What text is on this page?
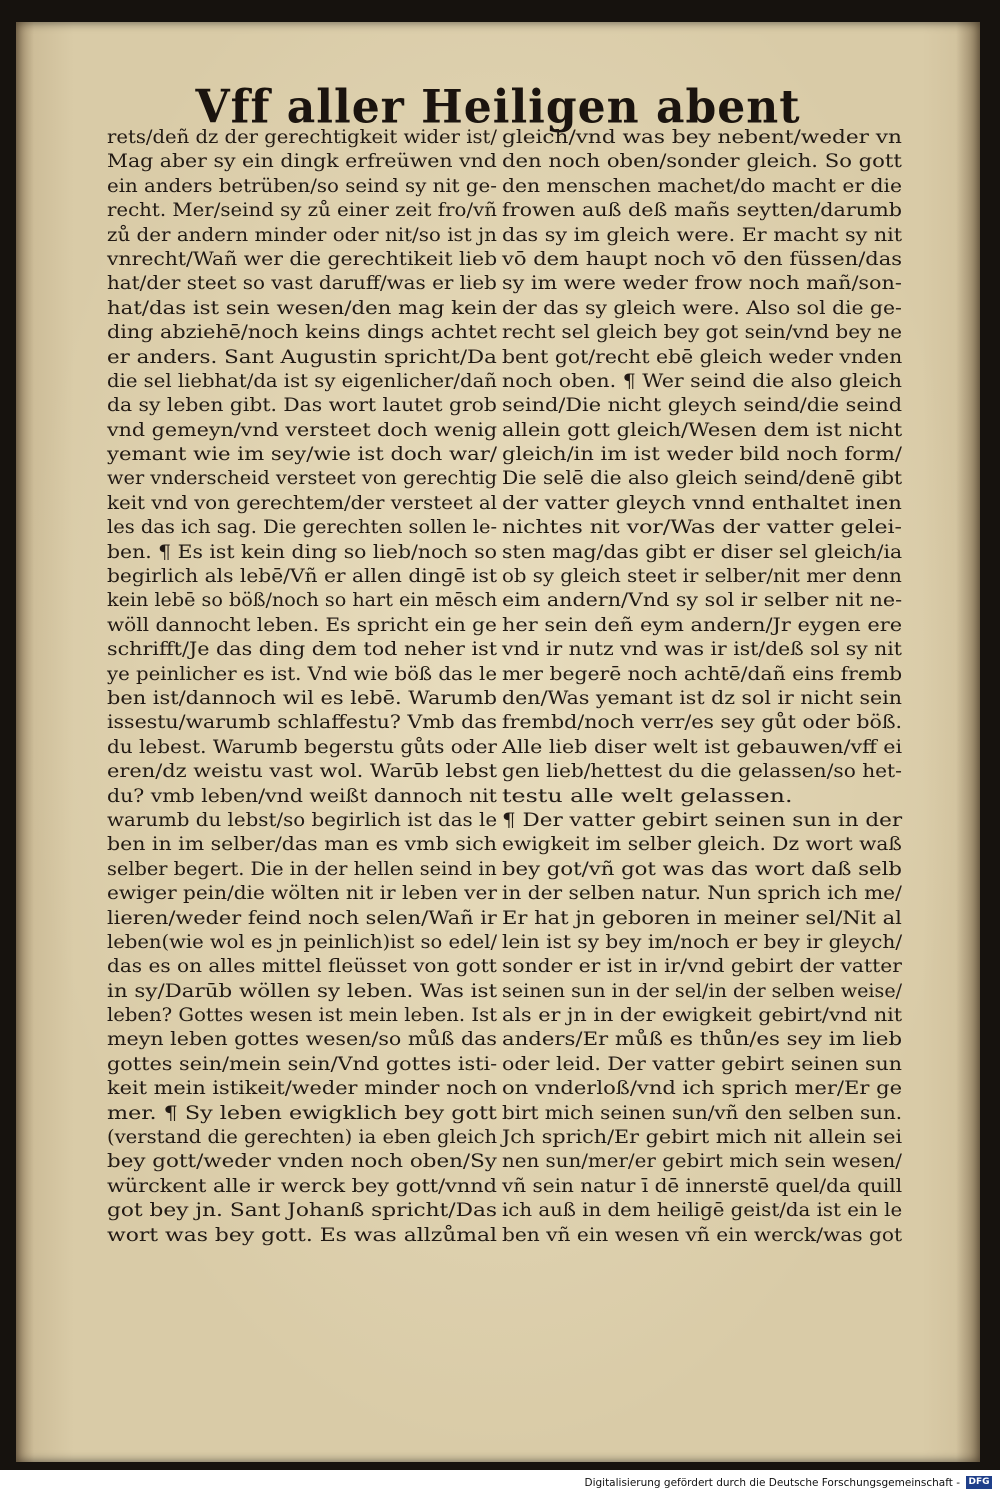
Vff aller Heiligen abent
rets/deñ dz der gerechtigkeit wider ist/
Mag aber sy ein dingk erfreüwen vnd
ein anders betrüben/so seind sy nit ge-
recht. Mer/seind sy zů einer zeit fro/vñ
zů der andern minder oder nit/so ist jn
vnrecht/Wañ wer die gerechtikeit lieb
hat/der steet so vast daruff/was er lieb
hat/das ist sein wesen/den mag kein
ding abziehē/noch keins dings achtet
er anders. Sant Augustin spricht/Da
die sel liebhat/da ist sy eigenlicher/dañ
da sy leben gibt. Das wort lautet grob
vnd gemeyn/vnd versteet doch wenig
yemant wie im sey/wie ist doch war/
wer vnderscheid versteet von gerechtig
keit vnd von gerechtem/der versteet al
les das ich sag. Die gerechten sollen le-
ben. ¶ Es ist kein ding so lieb/noch so
begirlich als lebē/Vñ er allen dingē ist
kein lebē so böß/noch so hart ein mēsch
wöll dannocht leben. Es spricht ein ge
schrifft/Je das ding dem tod neher ist
ye peinlicher es ist. Vnd wie böß das le
ben ist/dannoch wil es lebē. Warumb
issestu/warumb schlaffestu? Vmb das
du lebest. Warumb begerstu gůts oder
eren/dz weistu vast wol. Warūb lebst
du? vmb leben/vnd weißt dannoch nit
warumb du lebst/so begirlich ist das le
ben in im selber/das man es vmb sich
selber begert. Die in der hellen seind in
ewiger pein/die wölten nit ir leben ver
lieren/weder feind noch selen/Wañ ir
leben(wie wol es jn peinlich)ist so edel/
das es on alles mittel fleüsset von gott
in sy/Darūb wöllen sy leben. Was ist
leben? Gottes wesen ist mein leben. Ist
meyn leben gottes wesen/so můß das
gottes sein/mein sein/Vnd gottes isti-
keit mein istikeit/weder minder noch
mer. ¶ Sy leben ewigklich bey gott
(verstand die gerechten) ia eben gleich
bey gott/weder vnden noch oben/Sy
würckent alle ir werck bey gott/vnnd
got bey jn. Sant Johanß spricht/Das
wort was bey gott. Es was allzůmal
gleich/vnd was bey nebent/weder vn
den noch oben/sonder gleich. So gott
den menschen machet/do macht er die
frowen auß deß mañs seytten/darumb
das sy im gleich were. Er macht sy nit
vō dem haupt noch vō den füssen/das
sy im were weder frow noch mañ/son-
der das sy gleich were. Also sol die ge-
recht sel gleich bey got sein/vnd bey ne
bent got/recht ebē gleich weder vnden
noch oben. ¶ Wer seind die also gleich
seind/Die nicht gleych seind/die seind
allein gott gleich/Wesen dem ist nicht
gleich/in im ist weder bild noch form/
Die selē die also gleich seind/denē gibt
der vatter gleych vnnd enthaltet inen
nichtes nit vor/Was der vatter gelei-
sten mag/das gibt er diser sel gleich/ia
ob sy gleich steet ir selber/nit mer denn
eim andern/Vnd sy sol ir selber nit ne-
her sein deñ eym andern/Jr eygen ere
vnd ir nutz vnd was ir ist/deß sol sy nit
mer begerē noch achtē/dañ eins fremb
den/Was yemant ist dz sol ir nicht sein
frembd/noch verr/es sey gůt oder böß.
Alle lieb diser welt ist gebauwen/vff ei
gen lieb/hettest du die gelassen/so het-
testu alle welt gelassen.
¶ Der vatter gebirt seinen sun in der
ewigkeit im selber gleich. Dz wort waß
bey got/vñ got was das wort daß selb
in der selben natur. Nun sprich ich me/
Er hat jn geboren in meiner sel/Nit al
lein ist sy bey im/noch er bey ir gleych/
sonder er ist in ir/vnd gebirt der vatter
seinen sun in der sel/in der selben weise/
als er jn in der ewigkeit gebirt/vnd nit
anders/Er můß es thůn/es sey im lieb
oder leid. Der vatter gebirt seinen sun
on vnderloß/vnd ich sprich mer/Er ge
birt mich seinen sun/vñ den selben sun.
Jch sprich/Er gebirt mich nit allein sei
nen sun/mer/er gebirt mich sein wesen/
vñ sein natur ī dē innerstē quel/da quill
ich auß in dem heiligē geist/da ist ein le
ben vñ ein wesen vñ ein werck/was got
Digitalisierung gefördert durch die Deutsche Forschungsgemeinschaft - DFG
